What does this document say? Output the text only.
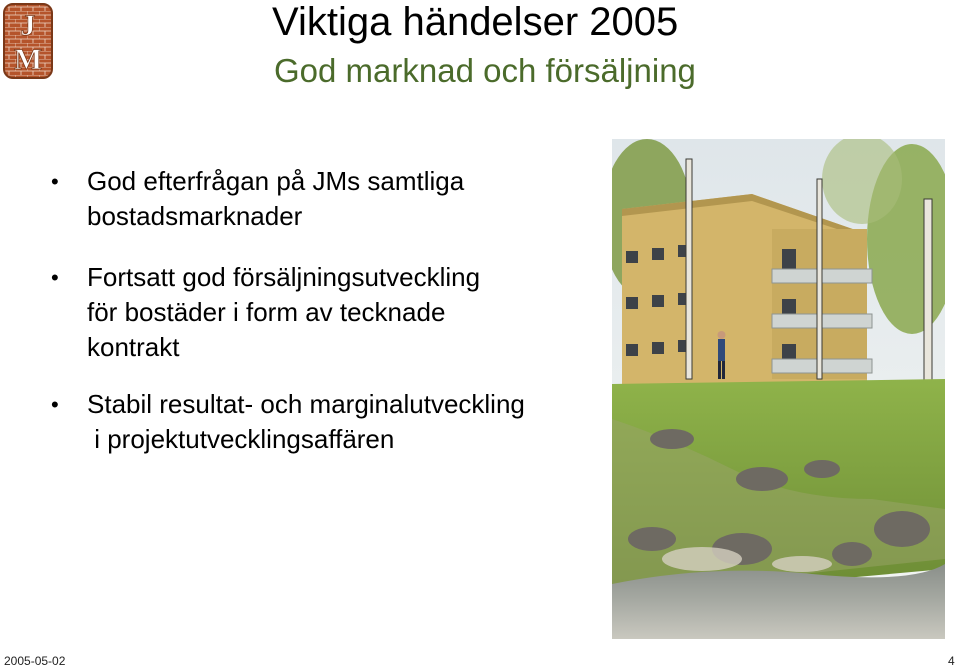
J
M
Viktiga händelser 2005
God marknad och försäljning
• God efterfrågan på JMs samtliga
bostadsmarknader
• Fortsatt god försäljningsutveckling
för bostäder i form av tecknade
kontrakt
• Stabil resultat- och marginalutveckling
i projektutvecklingsaffären
2005-05-02	4
